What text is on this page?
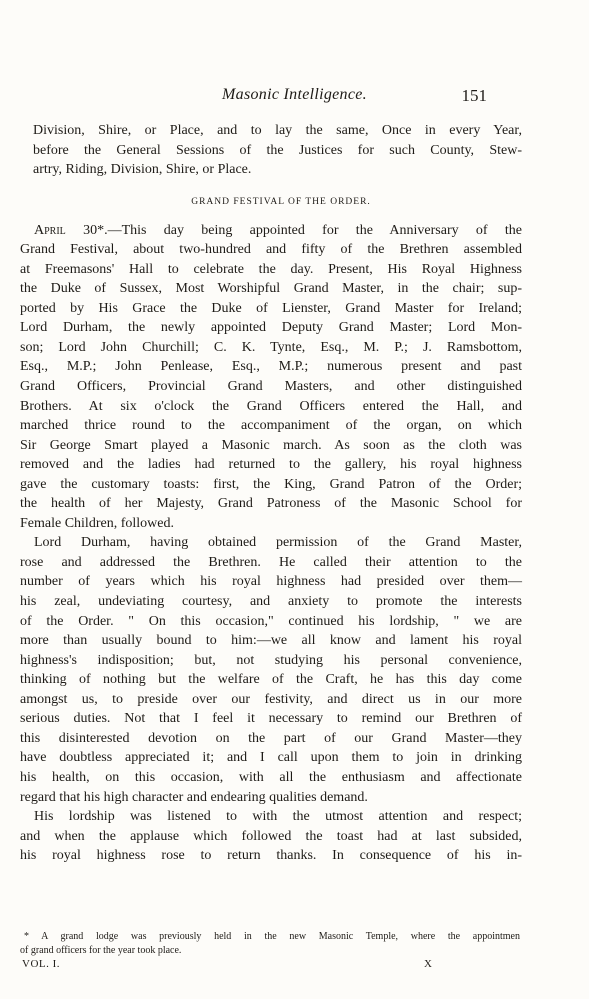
Masonic Intelligence.	151

Division, Shire, or Place, and to lay the same, Once in every Year,

before the General Sessions of the Justices for such County, Stew-

artry, Riding, Division, Shire, or Place.

GRAND FESTIVAL OF THE ORDER.

April 30*.—This day being appointed for the Anniversary of the

Grand Festival, about two-hundred and fifty of the Brethren assembled

at Freemasons' Hall to celebrate the day. Present, His Royal Highness

the Duke of Sussex, Most Worshipful Grand Master, in the chair; sup-

ported by His Grace the Duke of Lienster, Grand Master for Ireland;

Lord Durham, the newly appointed Deputy Grand Master; Lord Mon-

son; Lord John Churchill; C. K. Tynte, Esq., M. P.; J. Ramsbottom,

Esq., M.P.; John Penlease, Esq., M.P.; numerous present and past

Grand Officers, Provincial Grand Masters, and other distinguished

Brothers. At six o'clock the Grand Officers entered the Hall, and

marched thrice round to the accompaniment of the organ, on which

Sir George Smart played a Masonic march. As soon as the cloth was

removed and the ladies had returned to the gallery, his royal highness

gave the customary toasts: first, the King, Grand Patron of the Order;

the health of her Majesty, Grand Patroness of the Masonic School for

Female Children, followed.

Lord Durham, having obtained permission of the Grand Master,

rose and addressed the Brethren. He called their attention to the

number of years which his royal highness had presided over them—

his zeal, undeviating courtesy, and anxiety to promote the interests

of the Order. " On this occasion," continued his lordship, " we are

more than usually bound to him:—we all know and lament his royal

highness's indisposition; but, not studying his personal convenience,

thinking of nothing but the welfare of the Craft, he has this day come

amongst us, to preside over our festivity, and direct us in our more

serious duties. Not that I feel it necessary to remind our Brethren of

this disinterested devotion on the part of our Grand Master—they

have doubtless appreciated it; and I call upon them to join in drinking

his health, on this occasion, with all the enthusiasm and affectionate

regard that his high character and endearing qualities demand.

His lordship was listened to with the utmost attention and respect;

and when the applause which followed the toast had at last subsided,

his royal highness rose to return thanks. In consequence of his in-

* A grand lodge was previously held in the new Masonic Temple, where the appointmen

of grand officers for the year took place.

VOL. I.	X
